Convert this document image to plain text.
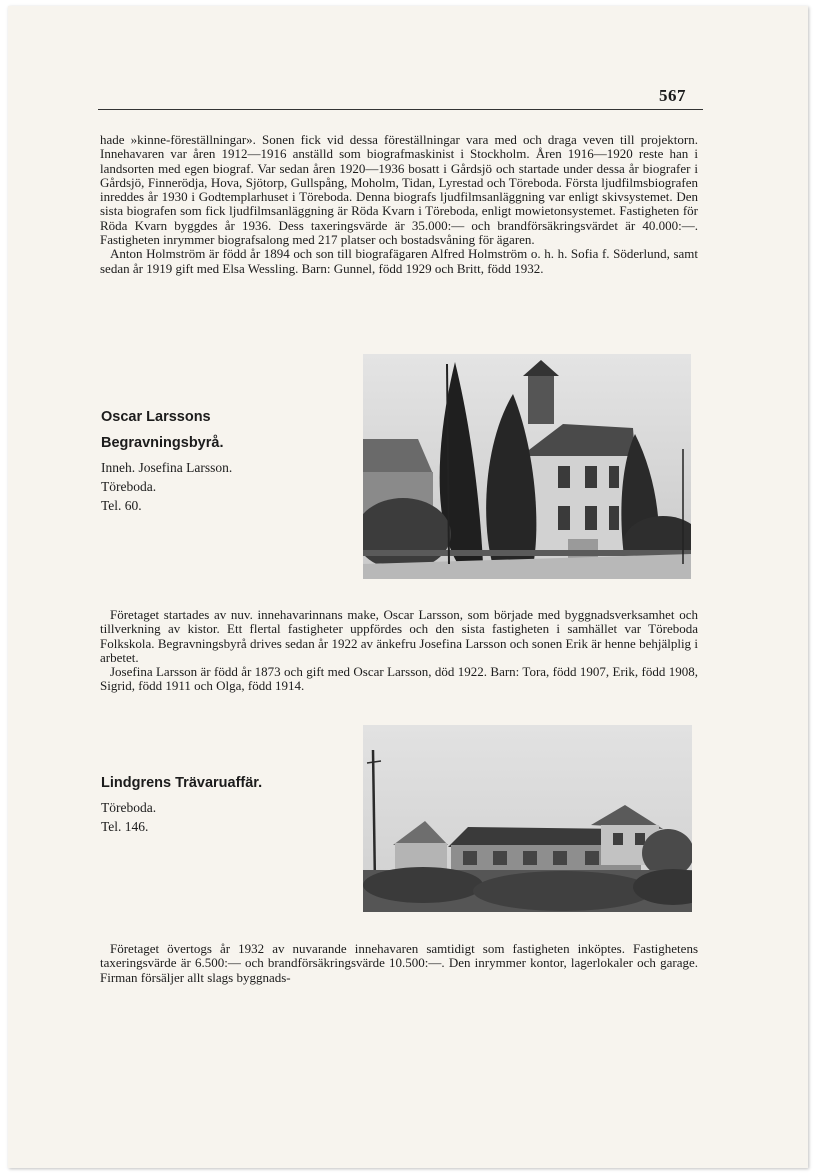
567

hade »kinne-föreställningar». Sonen fick vid dessa föreställningar vara med och draga veven till projektorn. Innehavaren var åren 1912—1916 anställd som biografmaskinist i Stockholm. Åren 1916—1920 reste han i landsorten med egen biograf. Var sedan åren 1920—1936 bosatt i Gårdsjö och startade under dessa år biografer i Gårdsjö, Finnerödja, Hova, Sjötorp, Gullspång, Moholm, Tidan, Lyrestad och Töreboda. Första ljudfilmsbiografen inreddes år 1930 i Godtemplarhuset i Töreboda. Denna biografs ljudfilmsanläggning var enligt skivsystemet. Den sista biografen som fick ljudfilmsanläggning är Röda Kvarn i Töreboda, enligt mowietonsystemet. Fastigheten för Röda Kvarn byggdes år 1936. Dess taxeringsvärde är 35.000:— och brandförsäkringsvärdet är 40.000:—. Fastigheten inrymmer biografsalong med 217 platser och bostadsvåning för ägaren.

Anton Holmström är född år 1894 och son till biografägaren Alfred Holmström o. h. h. Sofia f. Söderlund, samt sedan år 1919 gift med Elsa Wessling. Barn: Gunnel, född 1929 och Britt, född 1932.

Oscar Larssons Begravningsbyrå.
Inneh. Josefina Larsson.
Töreboda.
Tel. 60.

Företaget startades av nuv. innehavarinnans make, Oscar Larsson, som började med byggnadsverksamhet och tillverkning av kistor. Ett flertal fastigheter uppfördes och den sista fastigheten i samhället var Töreboda Folkskola. Begravningsbyrå drives sedan år 1922 av änkefru Josefina Larsson och sonen Erik är henne behjälplig i arbetet.

Josefina Larsson är född år 1873 och gift med Oscar Larsson, död 1922. Barn: Tora, född 1907, Erik, född 1908, Sigrid, född 1911 och Olga, född 1914.

Lindgrens Trävaruaffär.
Töreboda.
Tel. 146.

Företaget övertogs år 1932 av nuvarande innehavaren samtidigt som fastigheten inköptes. Fastighetens taxeringsvärde är 6.500:— och brandförsäkringsvärde 10.500:—. Den inrymmer kontor, lagerlokaler och garage. Firman försäljer allt slags byggnads-
